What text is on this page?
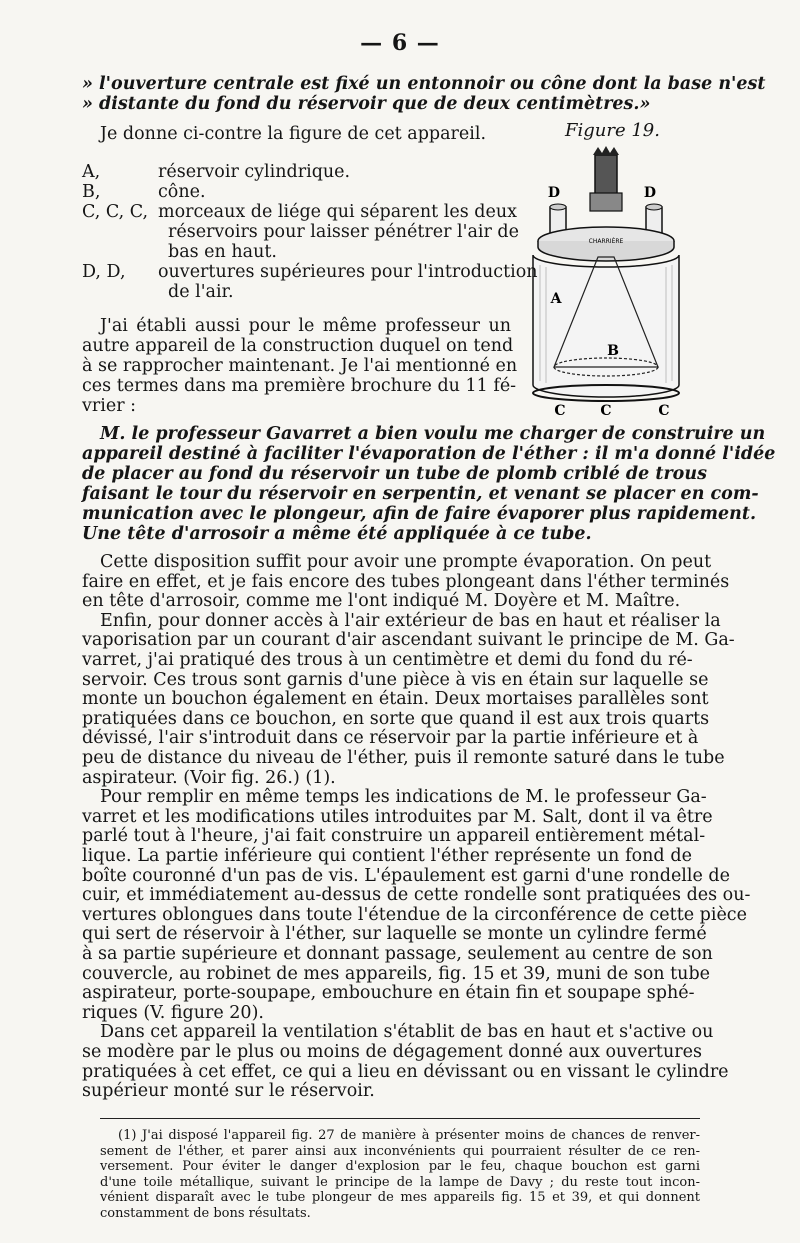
— 6 —
» l'ouverture centrale est fixé un entonnoir ou cône dont la base n'est
» distante du fond du réservoir que de deux centimètres.»
Je donne ci-contre la figure de cet appareil.	Figure 19.
CHARRIÈRE
D	D
A
B
C C	C
A,	réservoir cylindrique.
B,	cône.
C, C, C, morceaux de liége qui séparent les deux
réservoirs pour laisser pénétrer l'air de
bas en haut.
D, D, ouvertures supérieures pour l'introduction
de l'air.
J'ai établi aussi pour le même professeur un
autre appareil de la construction duquel on tend
à se rapprocher maintenant. Je l'ai mentionné en
ces termes dans ma première brochure du 11 fé-
vrier :
M. le professeur Gavarret a bien voulu me charger de construire un
appareil destiné à faciliter l'évaporation de l'éther : il m'a donné l'idée
de placer au fond du réservoir un tube de plomb criblé de trous
faisant le tour du réservoir en serpentin, et venant se placer en com-
munication avec le plongeur, afin de faire évaporer plus rapidement.
Une tête d'arrosoir a même été appliquée à ce tube.
Cette disposition suffit pour avoir une prompte évaporation. On peut
faire en effet, et je fais encore des tubes plongeant dans l'éther terminés
en tête d'arrosoir, comme me l'ont indiqué M. Doyère et M. Maître.
Enfin, pour donner accès à l'air extérieur de bas en haut et réaliser la
vaporisation par un courant d'air ascendant suivant le principe de M. Ga-
varret, j'ai pratiqué des trous à un centimètre et demi du fond du ré-
servoir. Ces trous sont garnis d'une pièce à vis en étain sur laquelle se
monte un bouchon également en étain. Deux mortaises parallèles sont
pratiquées dans ce bouchon, en sorte que quand il est aux trois quarts
dévissé, l'air s'introduit dans ce réservoir par la partie inférieure et à
peu de distance du niveau de l'éther, puis il remonte saturé dans le tube
aspirateur. (Voir fig. 26.) (1).
Pour remplir en même temps les indications de M. le professeur Ga-
varret et les modifications utiles introduites par M. Salt, dont il va être
parlé tout à l'heure, j'ai fait construire un appareil entièrement métal-
lique. La partie inférieure qui contient l'éther représente un fond de
boîte couronné d'un pas de vis. L'épaulement est garni d'une rondelle de
cuir, et immédiatement au-dessus de cette rondelle sont pratiquées des ou-
vertures oblongues dans toute l'étendue de la circonférence de cette pièce
qui sert de réservoir à l'éther, sur laquelle se monte un cylindre fermé
à sa partie supérieure et donnant passage, seulement au centre de son
couvercle, au robinet de mes appareils, fig. 15 et 39, muni de son tube
aspirateur, porte-soupape, embouchure en étain fin et soupape sphé-
riques (V. figure 20).
Dans cet appareil la ventilation s'établit de bas en haut et s'active ou
se modère par le plus ou moins de dégagement donné aux ouvertures
pratiquées à cet effet, ce qui a lieu en dévissant ou en vissant le cylindre
supérieur monté sur le réservoir.
(1) J'ai disposé l'appareil fig. 27 de manière à présenter moins de chances de renver-
sement de l'éther, et parer ainsi aux inconvénients qui pourraient résulter de ce ren-
versement. Pour éviter le danger d'explosion par le feu, chaque bouchon est garni
d'une toile métallique, suivant le principe de la lampe de Davy ; du reste tout incon-
vénient disparaît avec le tube plongeur de mes appareils fig. 15 et 39, et qui donnent
constamment de bons résultats.
